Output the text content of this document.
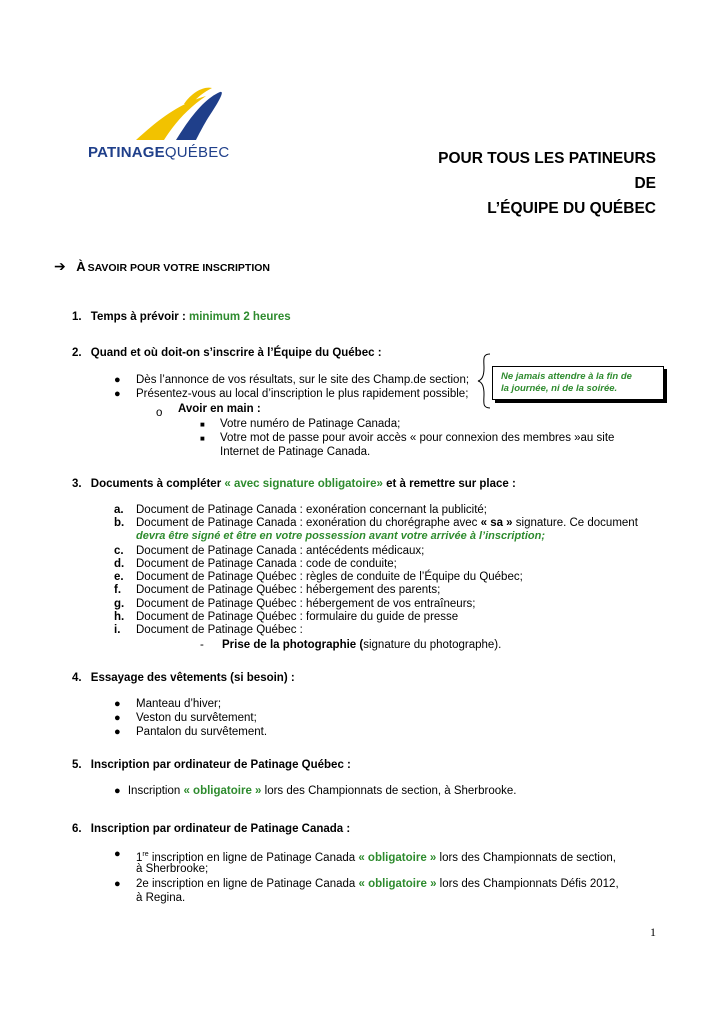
PATINAGEQUÉBEC	POUR TOUS LES PATINEURS
DE
L’ÉQUIPE DU QUÉBEC
➔ À SAVOIR POUR VOTRE INSCRIPTION
1. Temps à prévoir : minimum 2 heures
2. Quand et où doit-on s’inscrire à l’Équipe du Québec :
● Dès l’annonce de vos résultats, sur le site des Champ.de section;
● Présentez-vous au local d’inscription le plus rapidement possible;
o Avoir en main :
■ Votre numéro de Patinage Canada;
■ Votre mot de passe pour avoir accès « pour connexion des membres »au site
Internet de Patinage Canada.
Ne jamais attendre à la fin de
la journée, ni de la soirée.
3. Documents à compléter « avec signature obligatoire» et à remettre sur place :
a. Document de Patinage Canada : exonération concernant la publicité;
b. Document de Patinage Canada : exonération du chorégraphe avec « sa » signature. Ce document
devra être signé et être en votre possession avant votre arrivée à l’inscription;
c. Document de Patinage Canada : antécédents médicaux;
d. Document de Patinage Canada : code de conduite;
e. Document de Patinage Québec : règles de conduite de l’Équipe du Québec;
f. Document de Patinage Québec : hébergement des parents;
g. Document de Patinage Québec : hébergement de vos entraîneurs;
h. Document de Patinage Québec : formulaire du guide de presse
i. Document de Patinage Québec :
- Prise de la photographie (signature du photographe).
4. Essayage des vêtements (si besoin) :
● Manteau d’hiver;
● Veston du survêtement;
● Pantalon du survêtement.
5. Inscription par ordinateur de Patinage Québec :
● Inscription « obligatoire » lors des Championnats de section, à Sherbrooke.
6. Inscription par ordinateur de Patinage Canada :
● 1re inscription en ligne de Patinage Canada « obligatoire » lors des Championnats de section,
à Sherbrooke;
● 2e inscription en ligne de Patinage Canada « obligatoire » lors des Championnats Défis 2012,
à Regina.
1
